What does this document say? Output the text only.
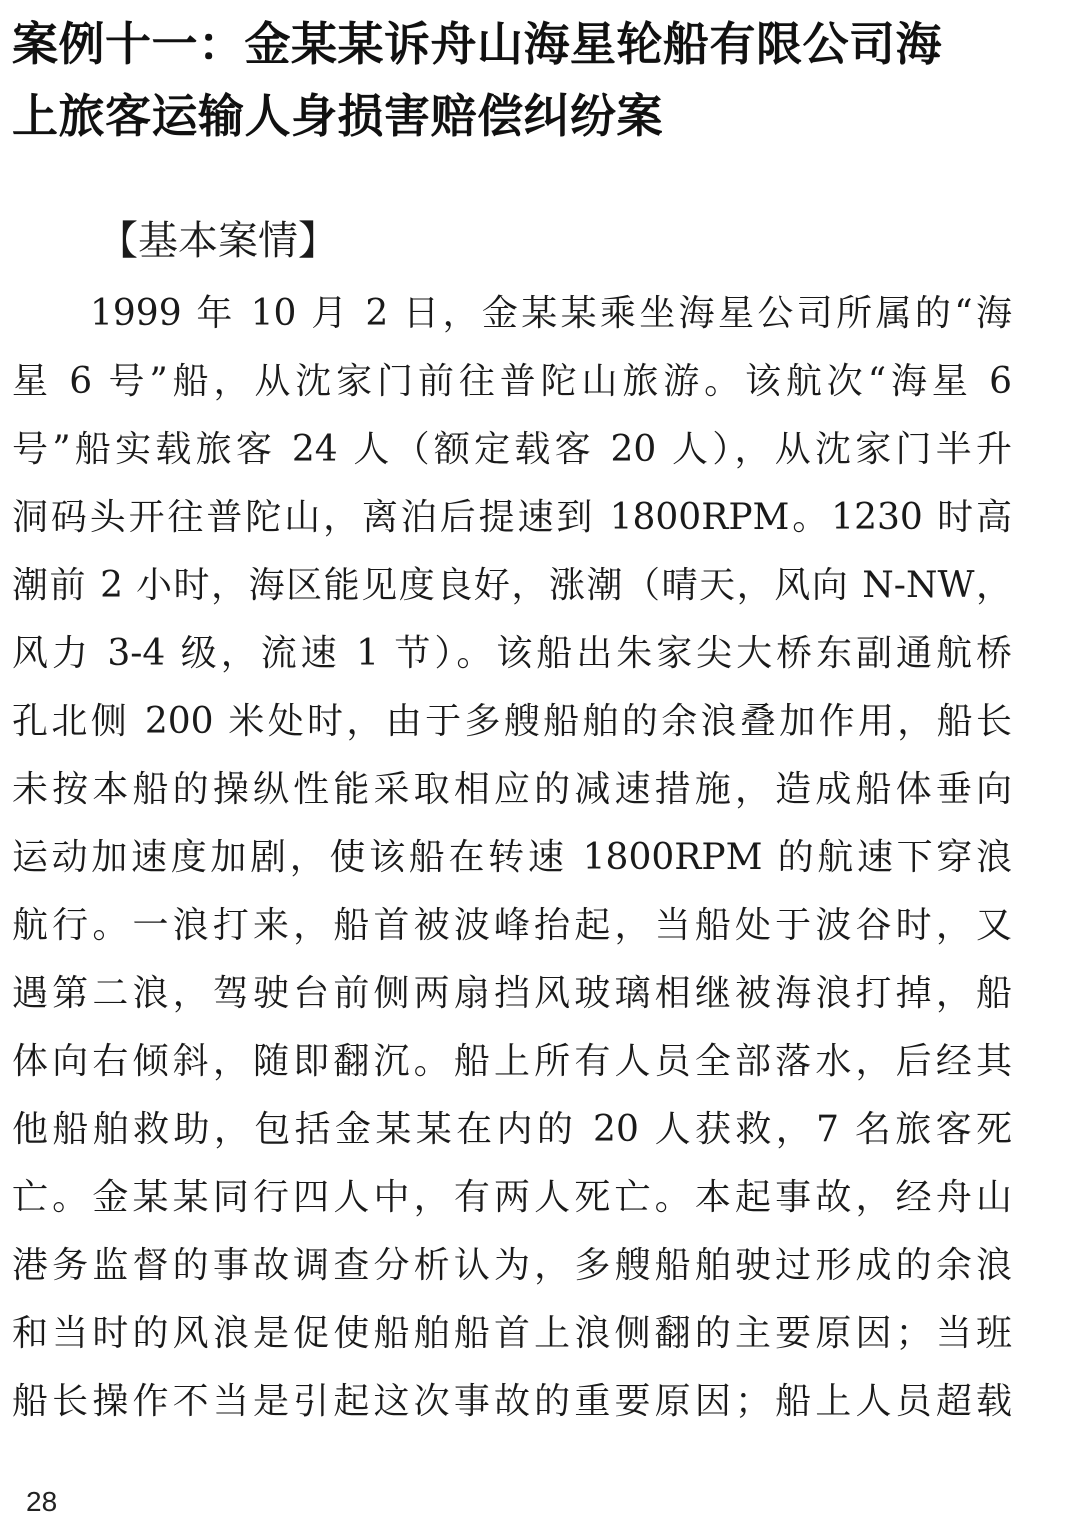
案例十一：金某某诉舟山海星轮船有限公司海
上旅客运输人身损害赔偿纠纷案
【基本案情】
1999 年 10 月 2 日，金某某乘坐海星公司所属的“海
星 6 号”船，从沈家门前往普陀山旅游。该航次“海星 6
号”船实载旅客 24 人（额定载客 20 人），从沈家门半升
洞码头开往普陀山，离泊后提速到 1800RPM。1230 时高
潮前 2 小时，海区能见度良好，涨潮（晴天，风向 N-NW，
风力 3-4 级，流速 1 节）。该船出朱家尖大桥东副通航桥
孔北侧 200 米处时，由于多艘船舶的余浪叠加作用，船长
未按本船的操纵性能采取相应的减速措施，造成船体垂向
运动加速度加剧，使该船在转速 1800RPM 的航速下穿浪
航行。一浪打来，船首被波峰抬起，当船处于波谷时，又
遇第二浪，驾驶台前侧两扇挡风玻璃相继被海浪打掉，船
体向右倾斜，随即翻沉。船上所有人员全部落水，后经其
他船舶救助，包括金某某在内的 20 人获救，7 名旅客死
亡。金某某同行四人中，有两人死亡。本起事故，经舟山
港务监督的事故调查分析认为，多艘船舶驶过形成的余浪
和当时的风浪是促使船舶船首上浪侧翻的主要原因；当班
船长操作不当是引起这次事故的重要原因；船上人员超载
28
